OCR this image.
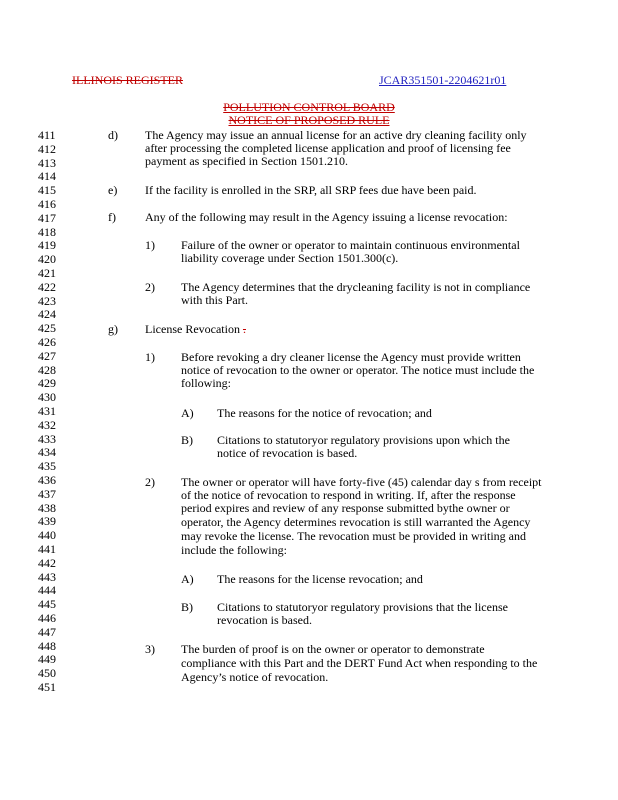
ILLINOIS REGISTER	JCAR351501-2204621r01
POLLUTION CONTROL BOARD
NOTICE OF PROPOSED RULE
411
412
413
414
415
416
417
418
419
420
421
422
423
424
425
426
427
428
429
430
431
432
433
434
435
436
437
438
439
440
441
442
443
444
445
446
447
448
449
450
451
d) The Agency may issue an annual license for an active dry cleaning facility only
after processing the completed license application and proof of licensing fee
payment as specified in Section 1501.210.
e) If the facility is enrolled in the SRP, all SRP fees due have been paid.
f) Any of the following may result in the Agency issuing a license revocation:
1) Failure of the owner or operator to maintain continuous environmental
liability coverage under Section 1501.300(c).
2) The Agency determines that the drycleaning facility is not in compliance
with this Part.
g) License Revocation .
1) Before revoking a dry cleaner license the Agency must provide written
notice of revocation to the owner or operator. The notice must include the
following:
A) The reasons for the notice of revocation; and
B) Citations to statutoryor regulatory provisions upon which the
notice of revocation is based.
2) The owner or operator will have forty-five (45) calendar day s from receipt
of the notice of revocation to respond in writing. If, after the response
period expires and review of any response submitted bythe owner or
operator, the Agency determines revocation is still warranted the Agency
may revoke the license. The revocation must be provided in writing and
include the following:
A) The reasons for the license revocation; and
B) Citations to statutoryor regulatory provisions that the license
revocation is based.
3) The burden of proof is on the owner or operator to demonstrate
compliance with this Part and the DERT Fund Act when responding to the
Agency’s notice of revocation.
